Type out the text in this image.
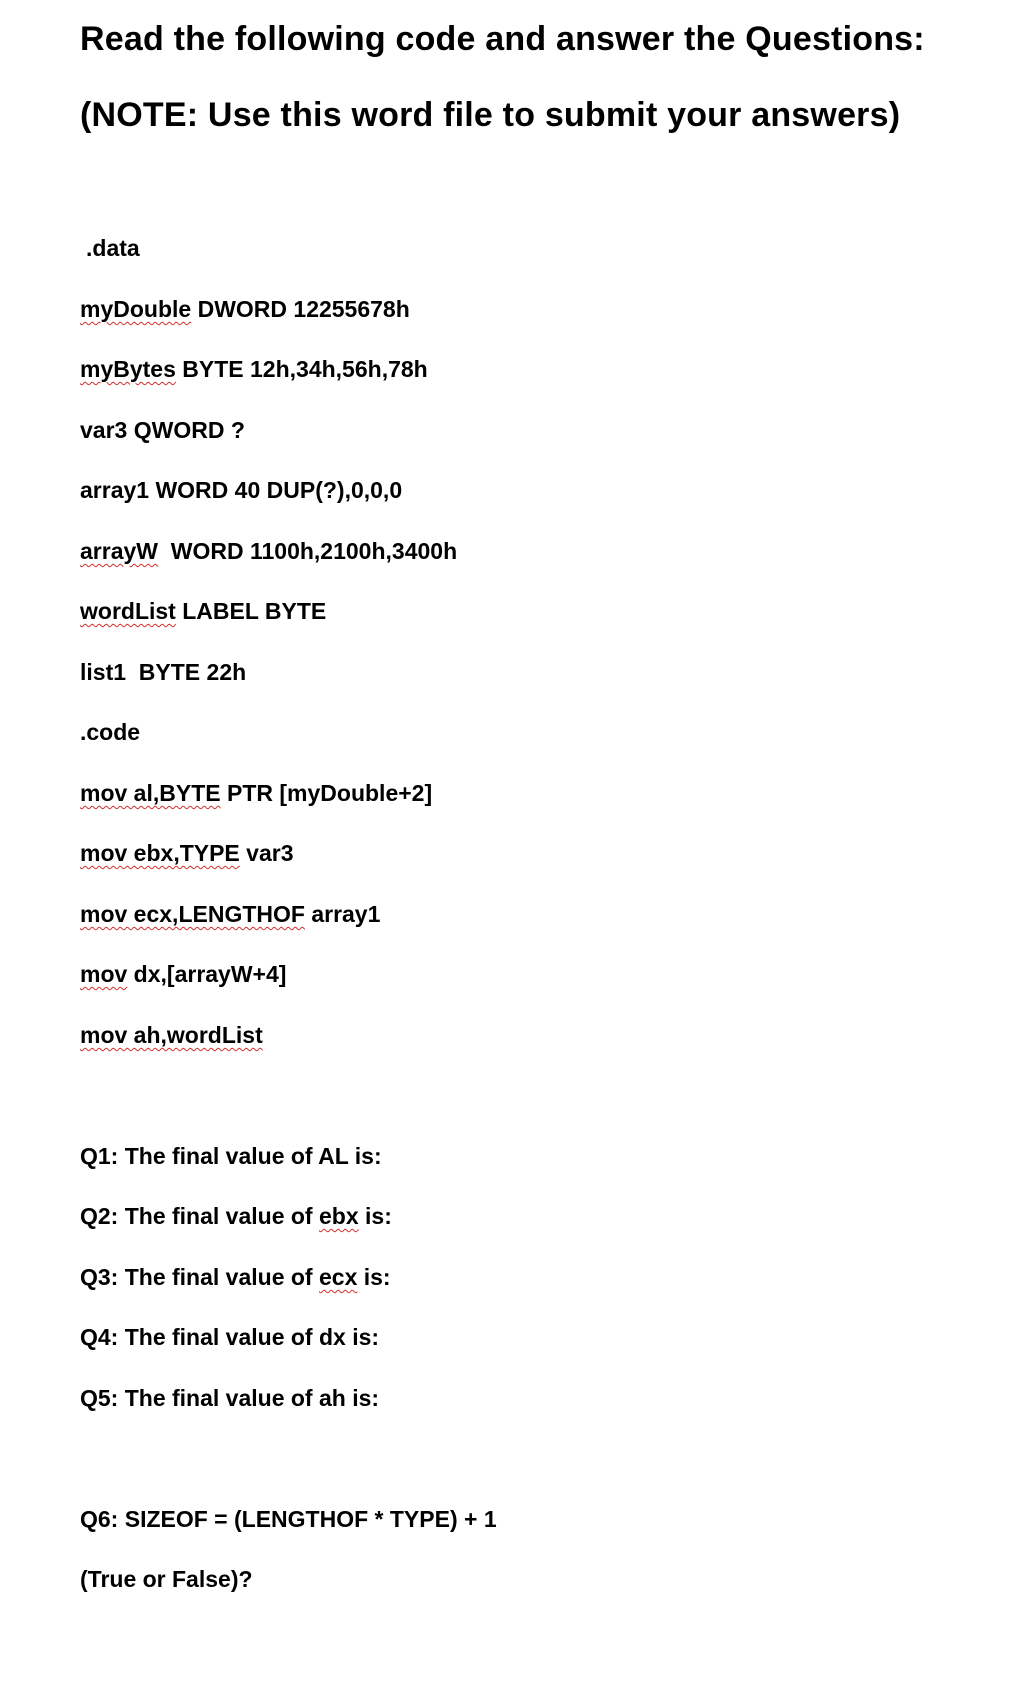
Read the following code and answer the Questions:
(NOTE: Use this word file to submit your answers)

.data

myDouble DWORD 12255678h

myBytes BYTE 12h,34h,56h,78h

var3 QWORD ?

array1 WORD 40 DUP(?),0,0,0

arrayW  WORD 1100h,2100h,3400h

wordList LABEL BYTE

list1  BYTE 22h

.code

mov al,BYTE PTR [myDouble+2]

mov ebx,TYPE var3

mov ecx,LENGTHOF array1

mov dx,[arrayW+4]

mov ah,wordList

Q1: The final value of AL is:

Q2: The final value of ebx is:

Q3: The final value of ecx is:

Q4: The final value of dx is:

Q5: The final value of ah is:

Q6: SIZEOF = (LENGTHOF * TYPE) + 1

(True or False)?
